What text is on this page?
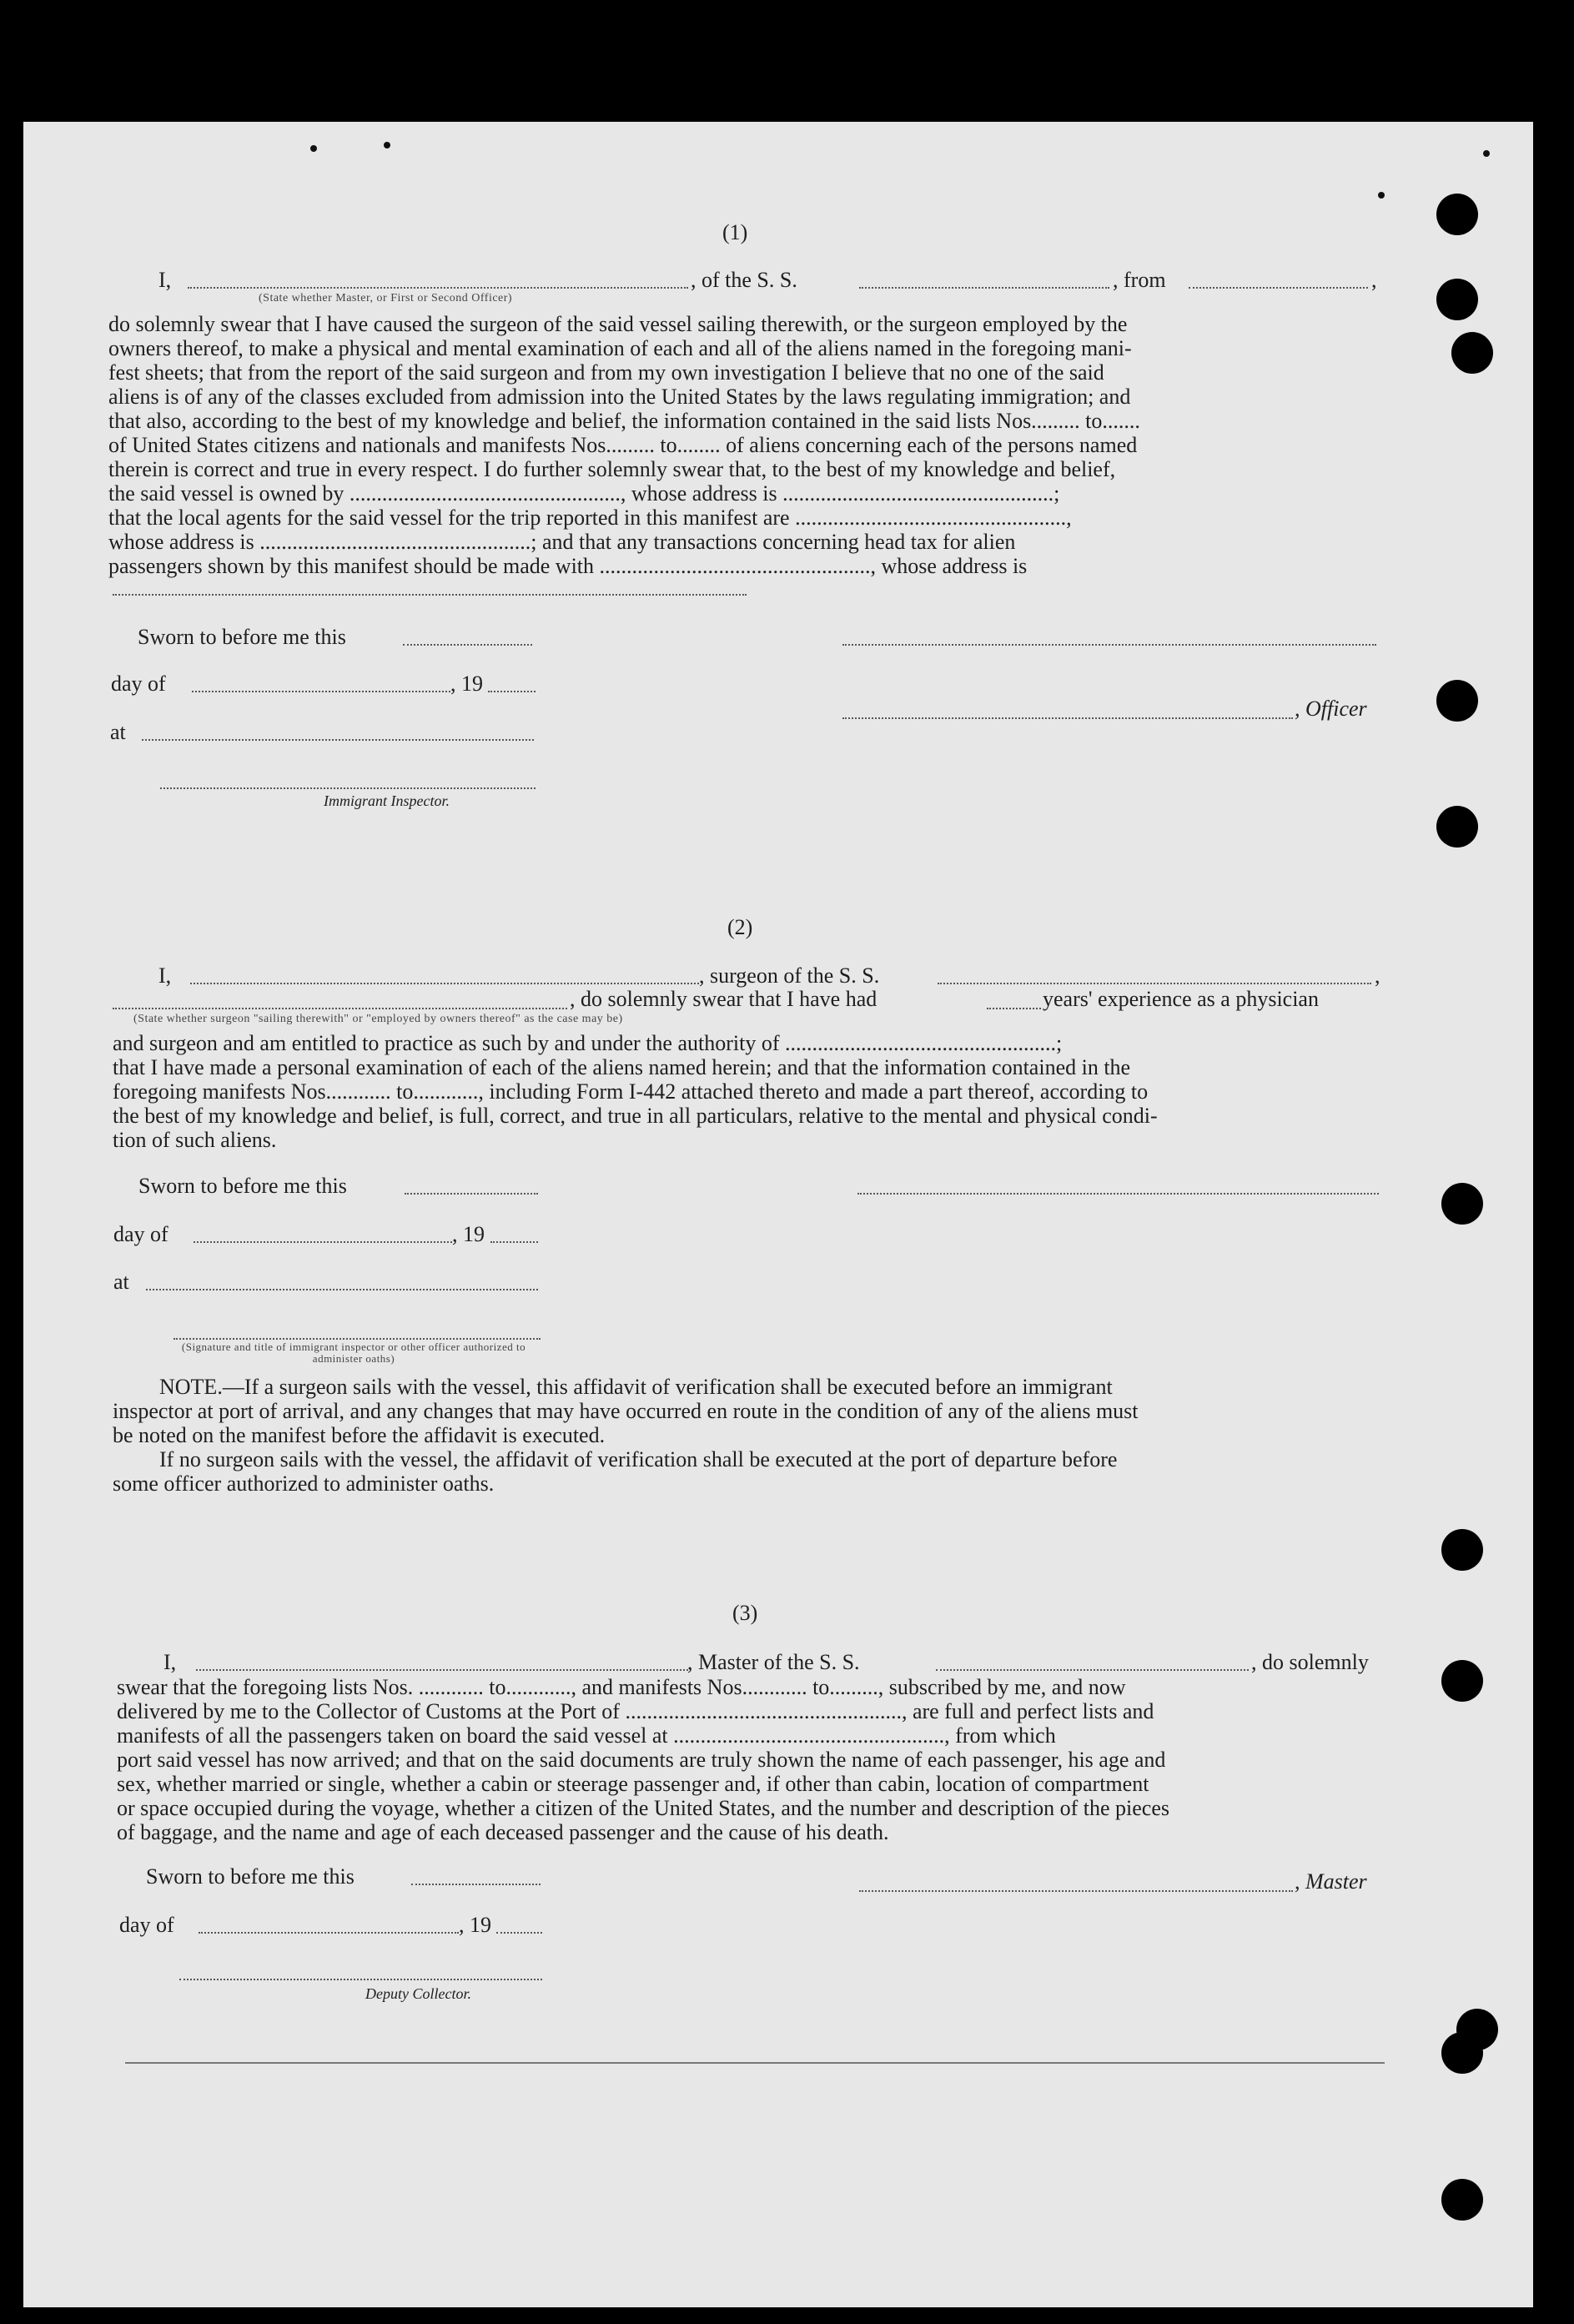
(1)
I,	, of the S. S.	, from	,
(State whether Master, or First or Second Officer)
do solemnly swear that I have caused the surgeon of the said vessel sailing therewith, or the surgeon employed by the
owners thereof, to make a physical and mental examination of each and all of the aliens named in the foregoing mani-
fest sheets; that from the report of the said surgeon and from my own investigation I believe that no one of the said
aliens is of any of the classes excluded from admission into the United States by the laws regulating immigration; and
that also, according to the best of my knowledge and belief, the information contained in the said lists Nos......... to.......
of United States citizens and nationals and manifests Nos......... to........ of aliens concerning each of the persons named
therein is correct and true in every respect. I do further solemnly swear that, to the best of my knowledge and belief,
the said vessel is owned by .................................................., whose address is ..................................................;
that the local agents for the said vessel for the trip reported in this manifest are ..................................................,
whose address is ..................................................; and that any transactions concerning head tax for alien
passengers shown by this manifest should be made with .................................................., whose address is
Sworn to before me this
day of	, 19
, Officer
at
Immigrant Inspector.
(2)
I,	, surgeon of the S. S.	,
, do solemnly swear that I have had	years' experience as a physician
(State whether surgeon "sailing therewith" or "employed by owners thereof" as the case may be)
and surgeon and am entitled to practice as such by and under the authority of ..................................................;
that I have made a personal examination of each of the aliens named herein; and that the information contained in the
foregoing manifests Nos............ to............, including Form I-442 attached thereto and made a part thereof, according to
the best of my knowledge and belief, is full, correct, and true in all particulars, relative to the mental and physical condi-
tion of such aliens.
Sworn to before me this
day of	, 19
at
(Signature and title of immigrant inspector or other officer authorized to administer oaths)
NOTE.—If a surgeon sails with the vessel, this affidavit of verification shall be executed before an immigrant
inspector at port of arrival, and any changes that may have occurred en route in the condition of any of the aliens must
be noted on the manifest before the affidavit is executed.
If no surgeon sails with the vessel, the affidavit of verification shall be executed at the port of departure before
some officer authorized to administer oaths.
(3)
I,	, Master of the S. S.	, do solemnly
swear that the foregoing lists Nos. ............ to............, and manifests Nos............ to........., subscribed by me, and now
delivered by me to the Collector of Customs at the Port of ..................................................., are full and perfect lists and
manifests of all the passengers taken on board the said vessel at .................................................., from which
port said vessel has now arrived; and that on the said documents are truly shown the name of each passenger, his age and
sex, whether married or single, whether a cabin or steerage passenger and, if other than cabin, location of compartment
or space occupied during the voyage, whether a citizen of the United States, and the number and description of the pieces
of baggage, and the name and age of each deceased passenger and the cause of his death.
Sworn to before me this	, Master
day of	, 19
Deputy Collector.
